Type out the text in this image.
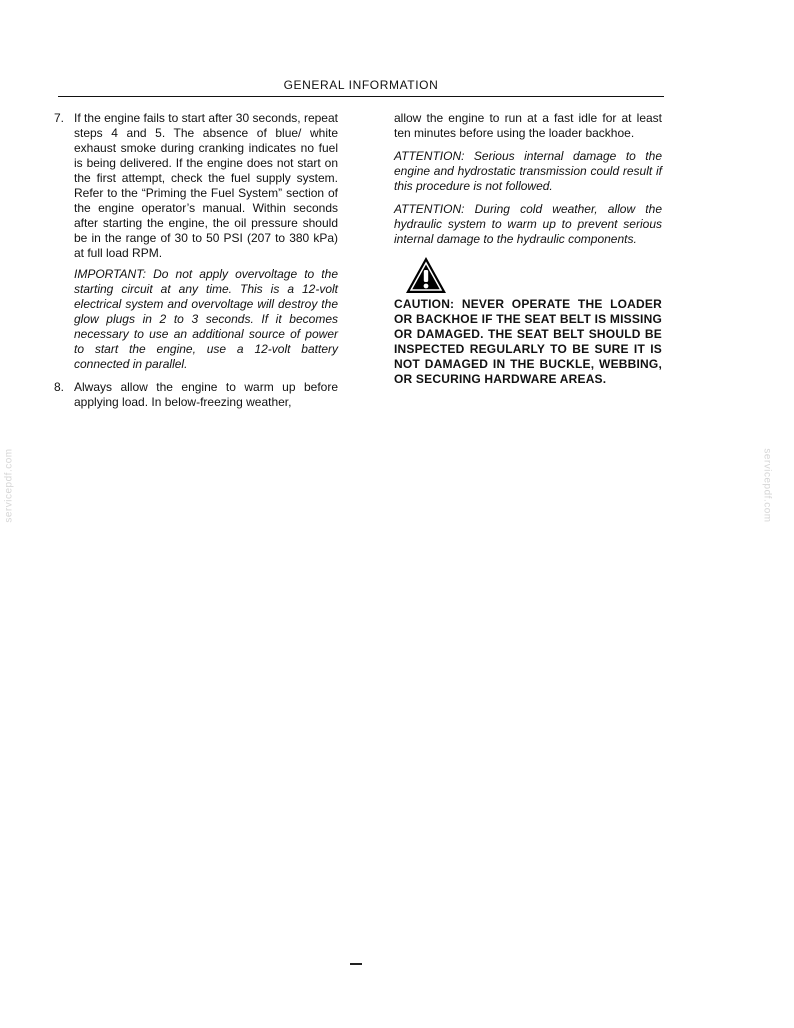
GENERAL INFORMATION
7. If the engine fails to start after 30 seconds, repeat steps 4 and 5. The absence of blue/ white exhaust smoke during cranking indicates no fuel is being delivered. If the engine does not start on the first attempt, check the fuel supply system. Refer to the “Priming the Fuel System” section of the engine operator’s manual. Within seconds after starting the engine, the oil pressure should be in the range of 30 to 50 PSI (207 to 380 kPa) at full load RPM.
IMPORTANT: Do not apply overvoltage to the starting circuit at any time. This is a 12-volt electrical system and overvoltage will destroy the glow plugs in 2 to 3 seconds. If it becomes necessary to use an additional source of power to start the engine, use a 12-volt battery connected in parallel.
8. Always allow the engine to warm up before applying load. In below-freezing weather,

allow the engine to run at a fast idle for at least ten minutes before using the loader backhoe.

ATTENTION: Serious internal damage to the engine and hydrostatic transmission could result if this procedure is not followed.

ATTENTION: During cold weather, allow the hydraulic system to warm up to prevent serious internal damage to the hydraulic components.

CAUTION: NEVER OPERATE THE LOADER OR BACKHOE IF THE SEAT BELT IS MISSING OR DAMAGED. THE SEAT BELT SHOULD BE INSPECTED REGULARLY TO BE SURE IT IS NOT DAMAGED IN THE BUCKLE, WEBBING, OR SECURING HARDWARE AREAS.
servicepdf.com	servicepdf.com
